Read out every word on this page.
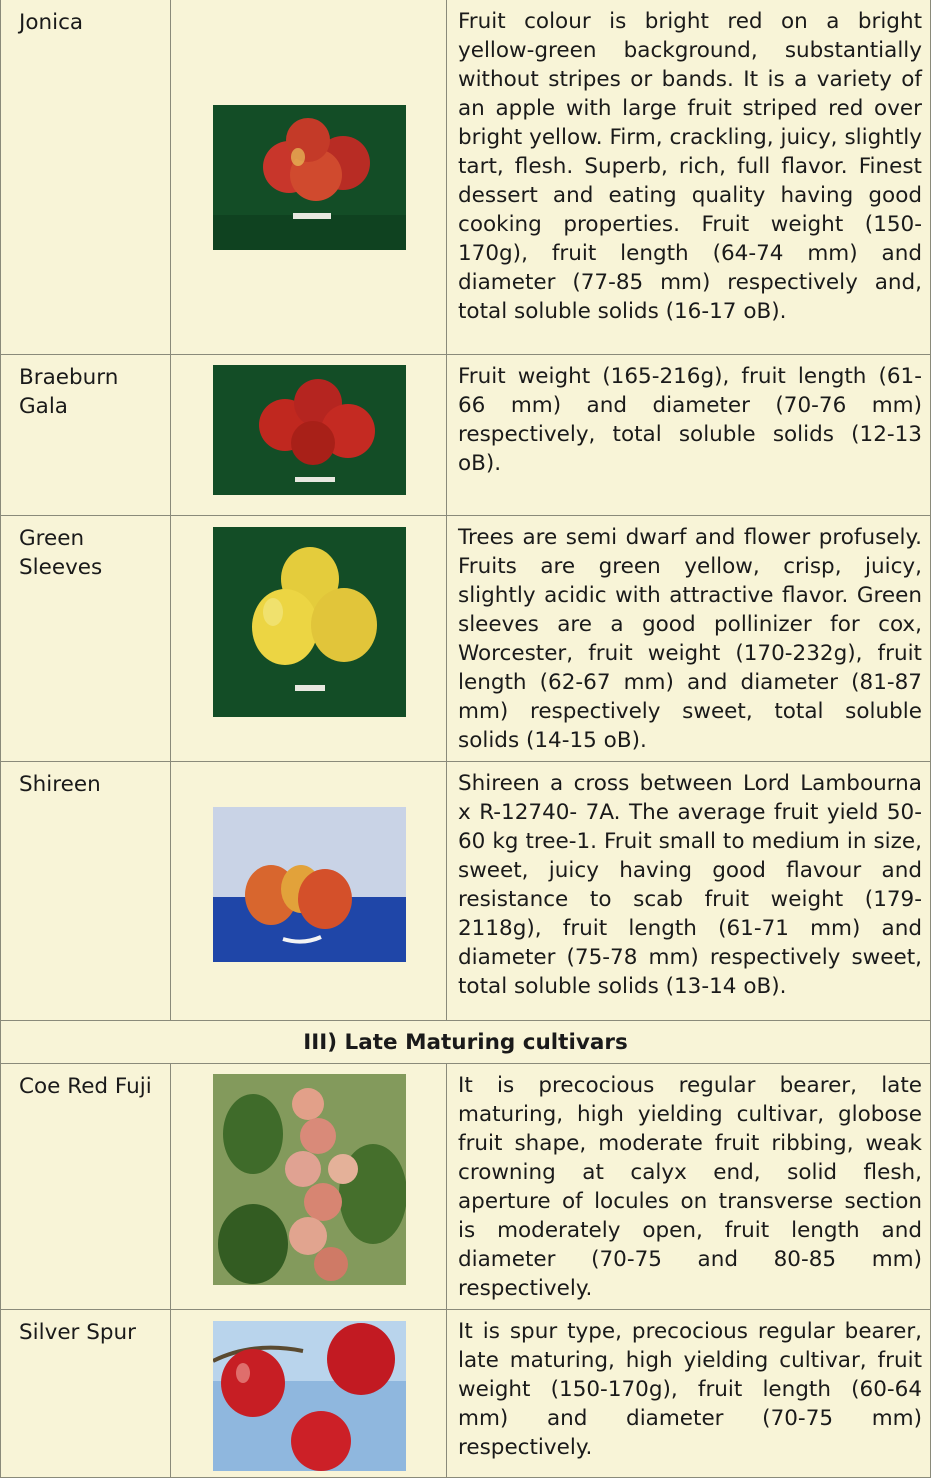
Jonica		Fruit colour is bright red on a bright yellow-green background, substantially without stripes or bands. It is a variety of an apple with large fruit striped red over bright yellow. Firm, crackling, juicy, slightly tart, flesh. Superb, rich, full flavor. Finest dessert and eating quality having good cooking properties. Fruit weight (150-170g), fruit length (64-74 mm) and diameter (77-85 mm) respectively and, total soluble solids (16-17 oB).
Braeburn Gala		Fruit weight (165-216g), fruit length (61-66 mm) and diameter (70-76 mm) respectively, total soluble solids (12-13 oB).
Green Sleeves		Trees are semi dwarf and flower profusely. Fruits are green yellow, crisp, juicy, slightly acidic with attractive flavor. Green sleeves are a good pollinizer for cox, Worcester, fruit weight (170-232g), fruit length (62-67 mm) and diameter (81-87 mm) respectively sweet, total soluble solids (14-15 oB).
Shireen		Shireen a cross between Lord Lambourna x R-12740- 7A. The average fruit yield 50-60 kg tree-1. Fruit small to medium in size, sweet, juicy having good flavour and resistance to scab fruit weight (179-2118g), fruit length (61-71 mm) and diameter (75-78 mm) respectively sweet, total soluble solids (13-14 oB).
III) Late Maturing cultivars		
Coe Red Fuji		It is precocious regular bearer, late maturing, high yielding cultivar, globose fruit shape, moderate fruit ribbing, weak crowning at calyx end, solid flesh, aperture of locules on transverse section is moderately open, fruit length and diameter (70-75 and 80-85 mm) respectively.
Silver Spur		It is spur type, precocious regular bearer, late maturing, high yielding cultivar, fruit weight (150-170g), fruit length (60-64 mm) and diameter (70-75 mm) respectively.
